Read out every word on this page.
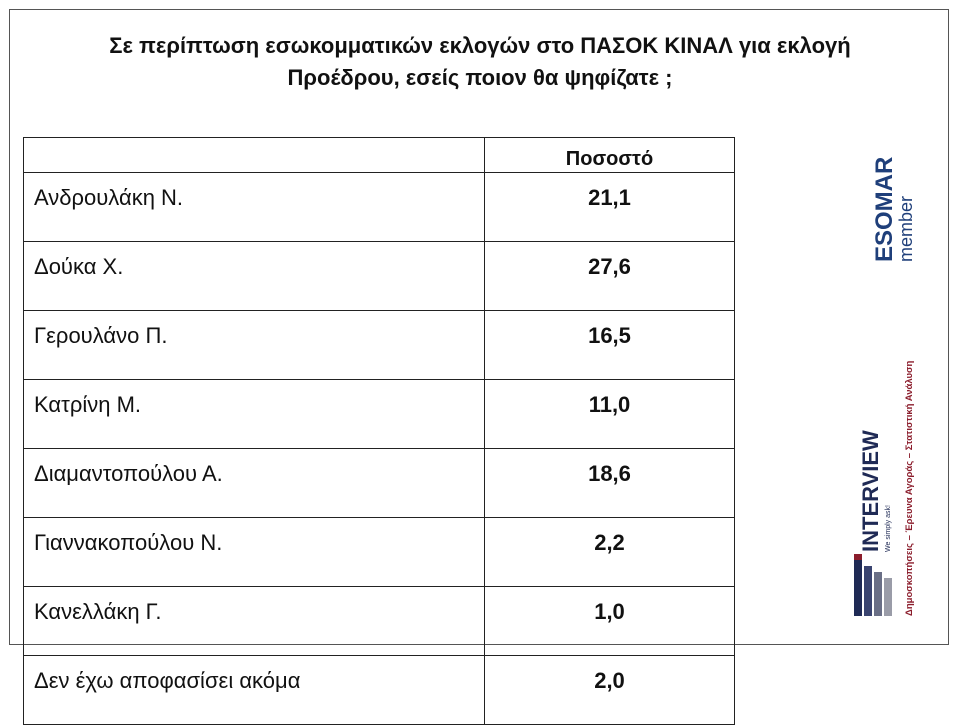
Σε περίπτωση εσωκομματικών εκλογών στο ΠΑΣΟΚ ΚΙΝΑΛ για εκλογή
Προέδρου, εσείς ποιον θα ψηφίζατε ;
	Ποσοστό
Ανδρουλάκη Ν.	21,1
Δούκα Χ.	27,6
Γερουλάνο Π.	16,5
Κατρίνη Μ.	11,0
Διαμαντοπούλου Α.	18,6
Γιαννακοπούλου Ν.	2,2
Κανελλάκη Γ.	1,0
Δεν έχω αποφασίσει ακόμα	2,0
ESOMAR
member
INTERVIEW We simply ask! Δημοσκοπήσεις – Έρευνα Αγοράς – Στατιστική Ανάλυση
